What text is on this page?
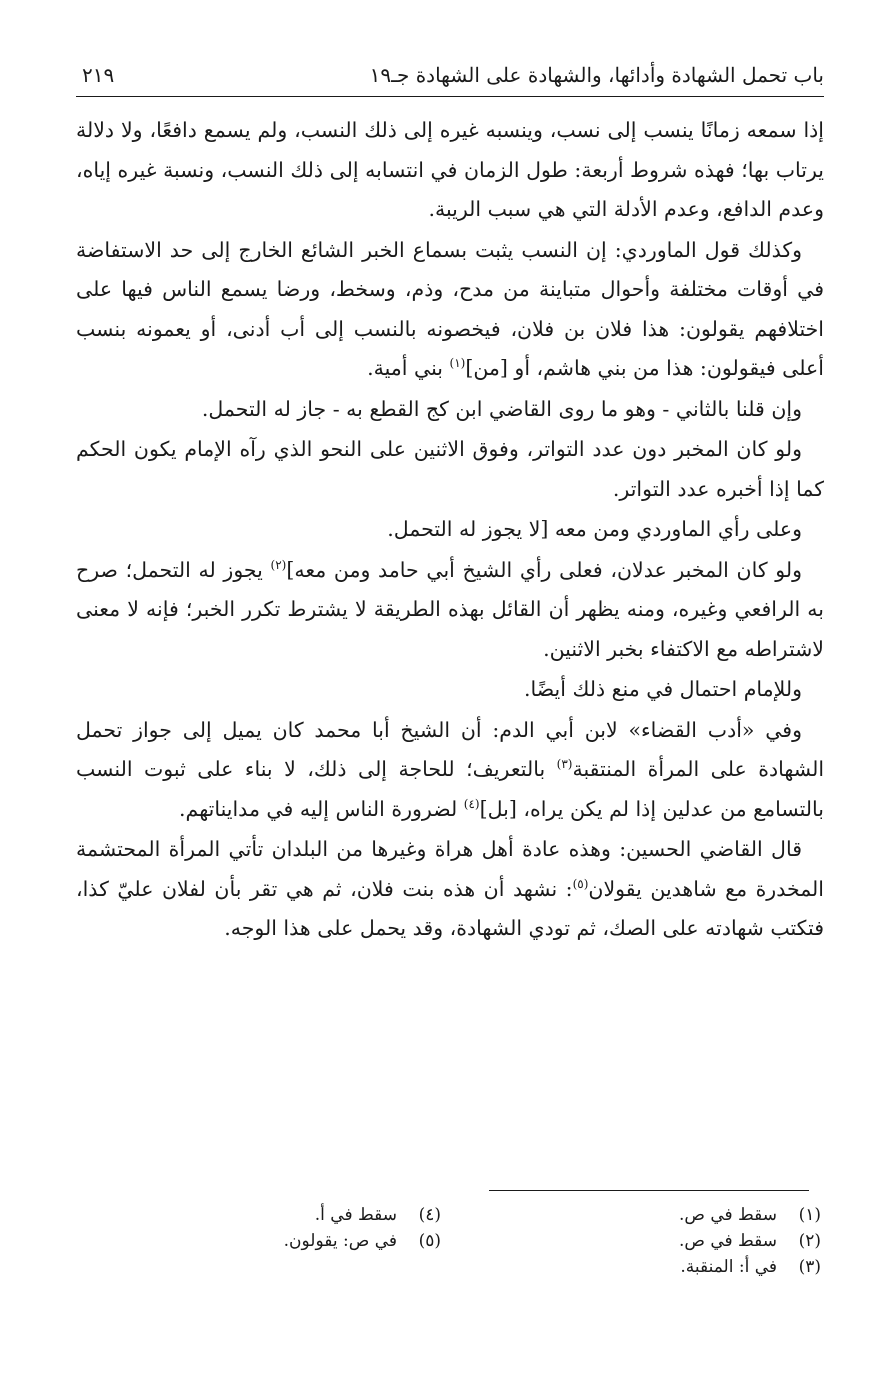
باب تحمل الشهادة وأدائها، والشهادة على الشهادة جـ١٩
٢١٩

إذا سمعه زمانًا ينسب إلى نسب، وينسبه غيره إلى ذلك النسب، ولم يسمع دافعًا، ولا دلالة يرتاب بها؛ فهذه شروط أربعة: طول الزمان في انتسابه إلى ذلك النسب، ونسبة غيره إياه، وعدم الدافع، وعدم الأدلة التي هي سبب الريبة.

وكذلك قول الماوردي: إن النسب يثبت بسماع الخبر الشائع الخارج إلى حد الاستفاضة في أوقات مختلفة وأحوال متباينة من مدح، وذم، وسخط، ورضا يسمع الناس فيها على اختلافهم يقولون: هذا فلان بن فلان، فيخصونه بالنسب إلى أب أدنى، أو يعمونه بنسب أعلى فيقولون: هذا من بني هاشم، أو [من]$^{(١)}$ بني أمية.

وإن قلنا بالثاني - وهو ما روى القاضي ابن كج القطع به - جاز له التحمل.

ولو كان المخبر دون عدد التواتر، وفوق الاثنين على النحو الذي رآه الإمام يكون الحكم كما إذا أخبره عدد التواتر.

وعلى رأي الماوردي ومن معه [لا يجوز له التحمل.

ولو كان المخبر عدلان، فعلى رأي الشيخ أبي حامد ومن معه]$^{(٢)}$ يجوز له التحمل؛ صرح به الرافعي وغيره، ومنه يظهر أن القائل بهذه الطريقة لا يشترط تكرر الخبر؛ فإنه لا معنى لاشتراطه مع الاكتفاء بخبر الاثنين.

وللإمام احتمال في منع ذلك أيضًا.

وفي «أدب القضاء» لابن أبي الدم: أن الشيخ أبا محمد كان يميل إلى جواز تحمل الشهادة على المرأة المنتقبة$^{(٣)}$ بالتعريف؛ للحاجة إلى ذلك، لا بناء على ثبوت النسب بالتسامع من عدلين إذا لم يكن يراه، [بل]$^{(٤)}$ لضرورة الناس إليه في مدايناتهم.

قال القاضي الحسين: وهذه عادة أهل هراة وغيرها من البلدان تأتي المرأة المحتشمة المخدرة مع شاهدين يقولان$^{(٥)}$: نشهد أن هذه بنت فلان، ثم هي تقر بأن لفلان عليّ كذا، فتكتب شهادته على الصك، ثم تودي الشهادة، وقد يحمل على هذا الوجه.

(١)سقط في ص.
(٢)سقط في ص.
(٣)في أ: المنقبة.
(٤)سقط في أ.
(٥)في ص: يقولون.
